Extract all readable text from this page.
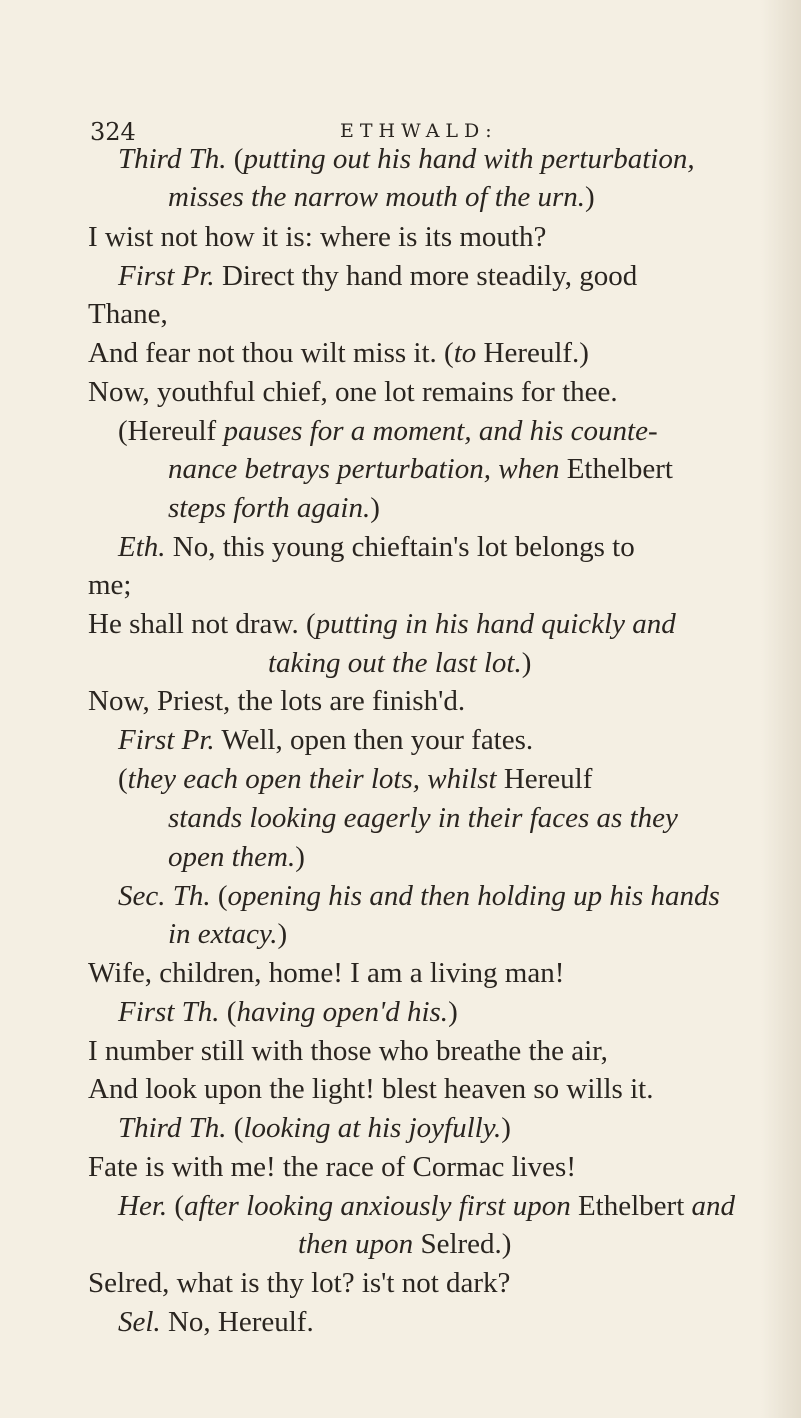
324	ETHWALD:
Third Th. (putting out his hand with perturbation,
misses the narrow mouth of the urn.)
I wist not how it is: where is its mouth?
First Pr. Direct thy hand more steadily, good
Thane,
And fear not thou wilt miss it. (to Hereulf.)
Now, youthful chief, one lot remains for thee.
(Hereulf pauses for a moment, and his counte-
nance betrays perturbation, when Ethelbert
steps forth again.)
Eth. No, this young chieftain's lot belongs to
me;
He shall not draw. (putting in his hand quickly and
taking out the last lot.)
Now, Priest, the lots are finish'd.
First Pr. Well, open then your fates.
(they each open their lots, whilst Hereulf
stands looking eagerly in their faces as they
open them.)
Sec. Th. (opening his and then holding up his hands
in extacy.)
Wife, children, home! I am a living man!
First Th. (having open'd his.)
I number still with those who breathe the air,
And look upon the light! blest heaven so wills it.
Third Th. (looking at his joyfully.)
Fate is with me! the race of Cormac lives!
Her. (after looking anxiously first upon Ethelbert and
then upon Selred.)
Selred, what is thy lot? is't not dark?
Sel. No, Hereulf.
